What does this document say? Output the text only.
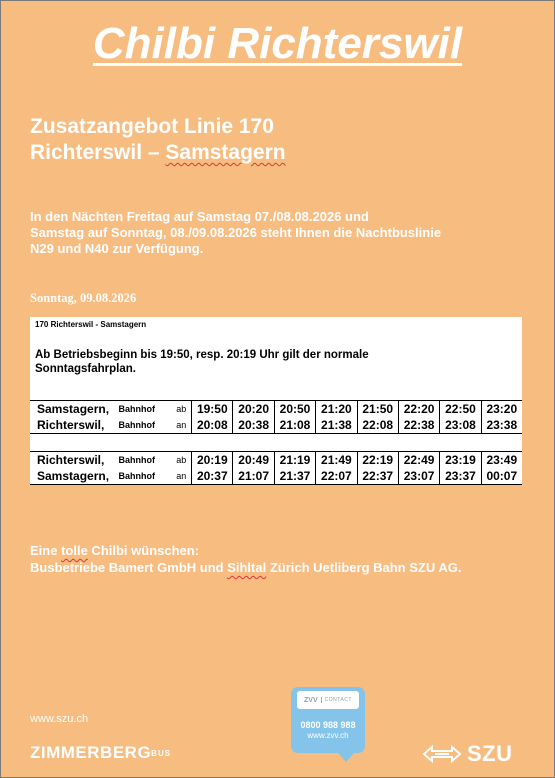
Chilbi Richterswil
Zusatzangebot Linie 170
Richterswil – Samstagern
In den Nächten Freitag auf Samstag 07./08.08.2026 und
Samstag auf Sonntag, 08./09.08.2026 steht Ihnen die Nachtbuslinie
N29 und N40 zur Verfügung.
Sonntag, 09.08.2026
170 Richterswil - Samstagern
Ab Betriebsbeginn bis 19:50, resp. 20:19 Uhr gilt der normale
Sonntagsfahrplan.
Samstagern,	Bahnhof	ab 19:50 20:20 20:50 21:20 21:50 22:20 22:50 23:20
Richterswil,	Bahnhof	an 20:08 20:38 21:08 21:38 22:08 22:38 23:08 23:38
Richterswil,	Bahnhof	ab 20:19 20:49 21:19 21:49 22:19 22:49 23:19 23:49
Samstagern,	Bahnhof	an 20:37 21:07 21:37 22:07 22:37 23:07 23:37 00:07
Eine tolle Chilbi wünschen:
Busbetriebe Bamert GmbH und Sihltal Zürich Uetliberg Bahn SZU AG.
www.szu.ch
ZIMMERBERGBUS
ZVV	CONTACT
0800 988 988
www.zvv.ch
SZU
